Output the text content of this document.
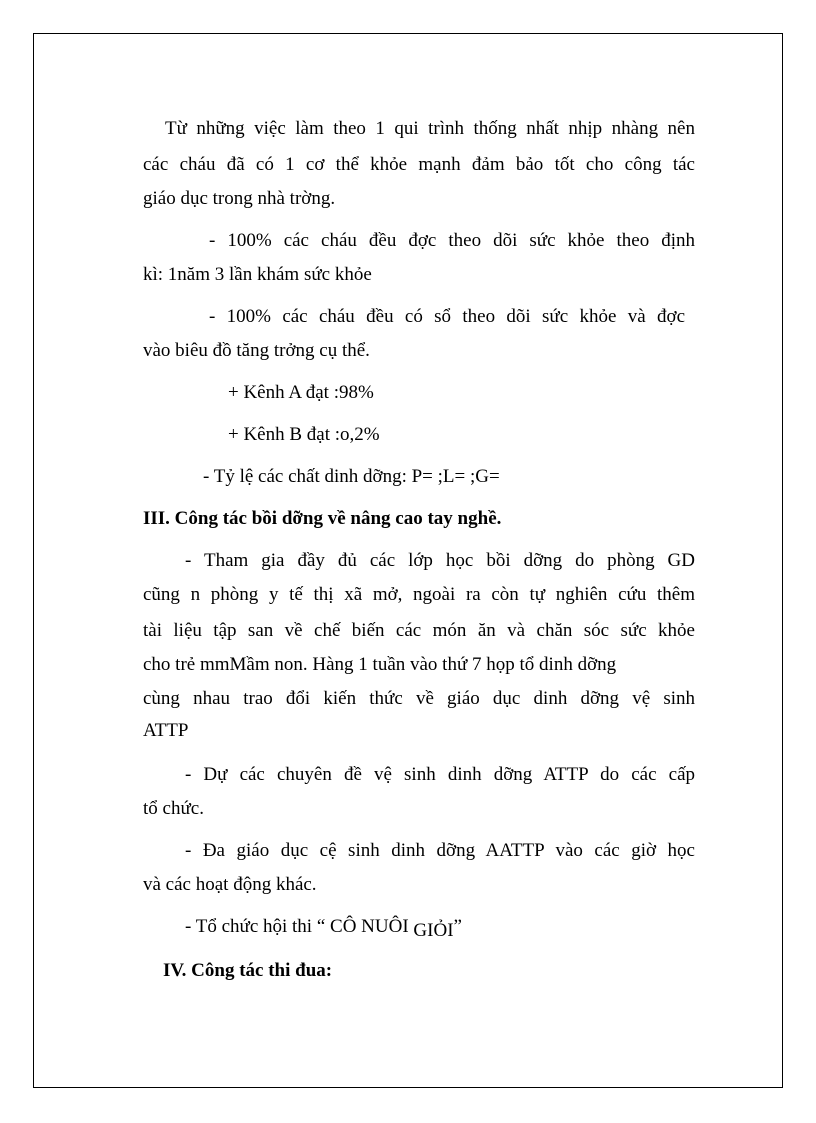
Từ những việc làm theo 1 qui trình thống nhất nhịp nhàng nên
các cháu đã có 1 cơ thể khỏe mạnh đảm bảo tốt cho công tác
giáo dục trong nhà trờng.
- 100% các cháu đều đợc theo dõi sức khỏe theo định
kì: 1năm 3 lần khám sức khỏe
- 100% các cháu đều có sổ theo dõi sức khỏe và đợc
vào biêu đồ tăng trởng cụ thể.
+ Kênh A đạt :98%
+ Kênh B đạt :o,2%
- Tỷ lệ các chất dinh dỡng: P= ;L= ;G=
III. Công tác bồi dỡng về nâng cao tay nghề.
- Tham gia đầy đủ các lớp học bồi dỡng do phòng GD
cũng n phòng y tế thị xã mở, ngoài ra còn tự nghiên cứu thêm
tài liệu tập san về chế biến các món ăn và chăn sóc sức khỏe
cho trẻ mmMầm non. Hàng 1 tuần vào thứ 7 họp tổ dinh dỡng
cùng nhau trao đổi kiến thức về giáo dục dinh dỡng vệ sinh
ATTP
- Dự các chuyên đề vệ sinh dinh dỡng ATTP do các cấp
tổ chức.
- Đa giáo dục cệ sinh dinh dỡng AATTP vào các giờ học
và các hoạt động khác.
- Tổ chức hội thi “ CÔ NUÔI GIỎI”
IV. Công tác thi đua:
